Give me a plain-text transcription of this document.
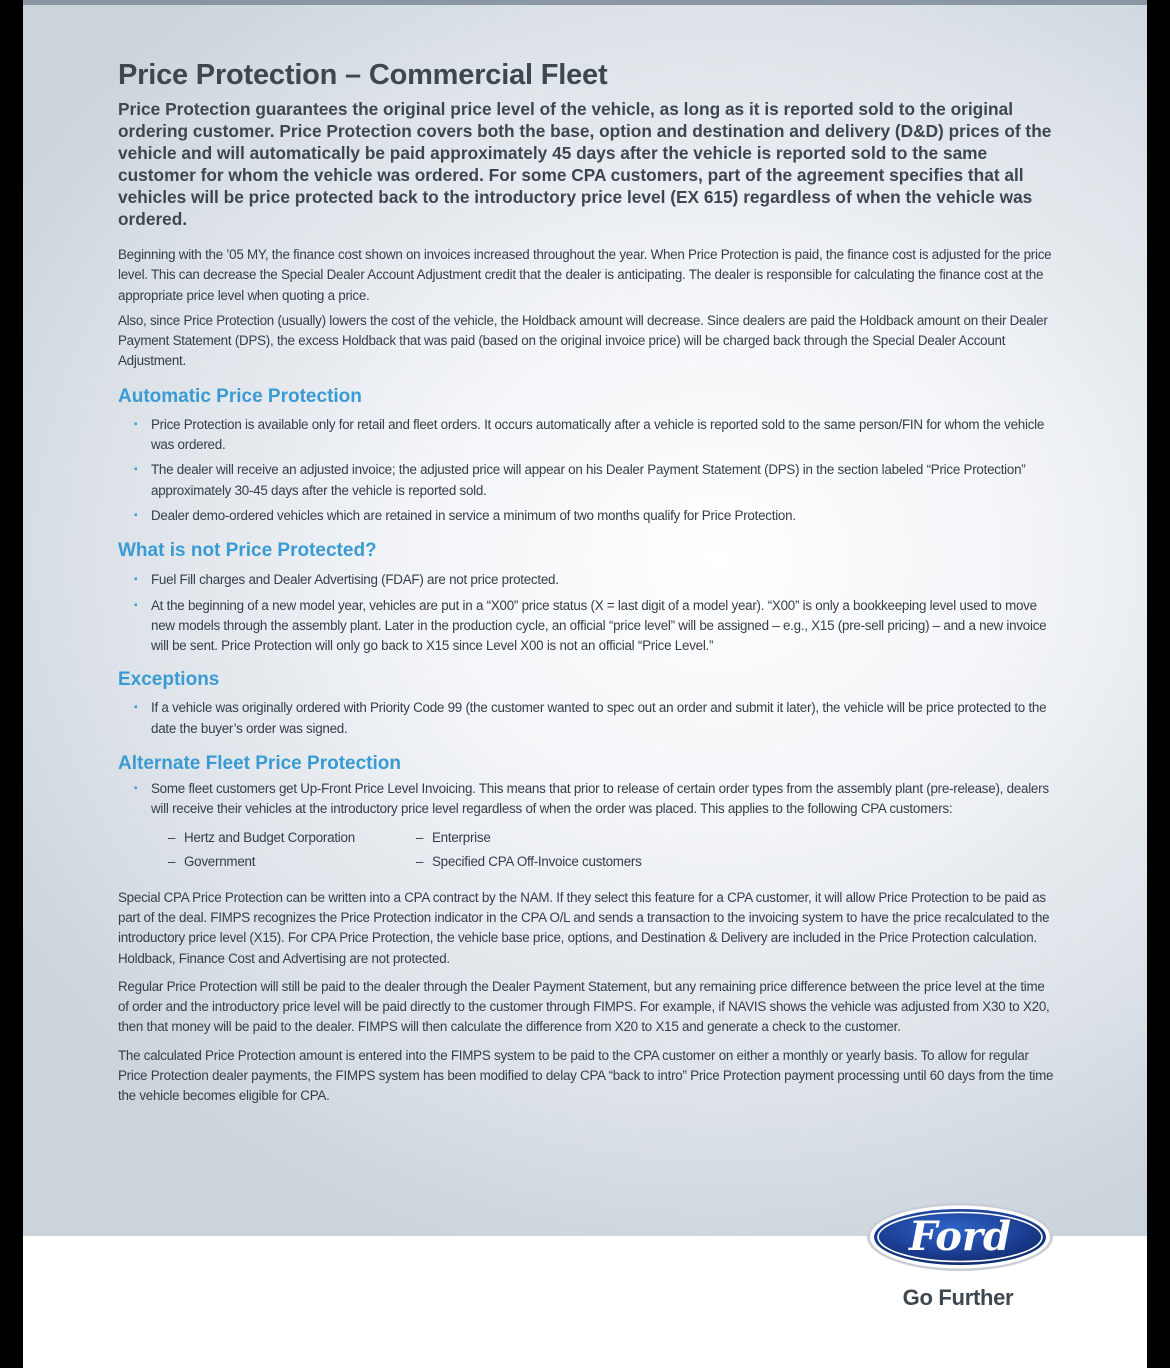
Price Protection – Commercial Fleet

Price Protection guarantees the original price level of the vehicle, as long as it is reported sold to the original ordering customer. Price Protection covers both the base, option and destination and delivery (D&D) prices of the vehicle and will automatically be paid approximately 45 days after the vehicle is reported sold to the same customer for whom the vehicle was ordered. For some CPA customers, part of the agreement specifies that all vehicles will be price protected back to the introductory price level (EX 615) regardless of when the vehicle was ordered.

Beginning with the ’05 MY, the finance cost shown on invoices increased throughout the year. When Price Protection is paid, the finance cost is adjusted for the price level. This can decrease the Special Dealer Account Adjustment credit that the dealer is anticipating. The dealer is responsible for calculating the finance cost at the appropriate price level when quoting a price.

Also, since Price Protection (usually) lowers the cost of the vehicle, the Holdback amount will decrease. Since dealers are paid the Holdback amount on their Dealer Payment Statement (DPS), the excess Holdback that was paid (based on the original invoice price) will be charged back through the Special Dealer Account Adjustment.

Automatic Price Protection
▪ Price Protection is available only for retail and fleet orders. It occurs automatically after a vehicle is reported sold to the same person/FIN for whom the vehicle was ordered.
▪ The dealer will receive an adjusted invoice; the adjusted price will appear on his Dealer Payment Statement (DPS) in the section labeled “Price Protection” approximately 30-45 days after the vehicle is reported sold.
▪ Dealer demo-ordered vehicles which are retained in service a minimum of two months qualify for Price Protection.
What is not Price Protected?
▪ Fuel Fill charges and Dealer Advertising (FDAF) are not price protected.
▪ At the beginning of a new model year, vehicles are put in a “X00” price status (X = last digit of a model year). “X00” is only a bookkeeping level used to move new models through the assembly plant. Later in the production cycle, an official “price level” will be assigned – e.g., X15 (pre-sell pricing) – and a new invoice will be sent. Price Protection will only go back to X15 since Level X00 is not an official “Price Level.”
Exceptions
▪ If a vehicle was originally ordered with Priority Code 99 (the customer wanted to spec out an order and submit it later), the vehicle will be price protected to the date the buyer’s order was signed.
Alternate Fleet Price Protection
▪ Some fleet customers get Up-Front Price Level Invoicing. This means that prior to release of certain order types from the assembly plant (pre-release), dealers will receive their vehicles at the introductory price level regardless of when the order was placed. This applies to the following CPA customers:
– Hertz and Budget Corporation
– Government
– Enterprise
– Specified CPA Off-Invoice customers

Special CPA Price Protection can be written into a CPA contract by the NAM. If they select this feature for a CPA customer, it will allow Price Protection to be paid as part of the deal. FIMPS recognizes the Price Protection indicator in the CPA O/L and sends a transaction to the invoicing system to have the price recalculated to the introductory price level (X15). For CPA Price Protection, the vehicle base price, options, and Destination & Delivery are included in the Price Protection calculation. Holdback, Finance Cost and Advertising are not protected.

Regular Price Protection will still be paid to the dealer through the Dealer Payment Statement, but any remaining price difference between the price level at the time of order and the introductory price level will be paid directly to the customer through FIMPS. For example, if NAVIS shows the vehicle was adjusted from X30 to X20, then that money will be paid to the dealer. FIMPS will then calculate the difference from X20 to X15 and generate a check to the customer.

The calculated Price Protection amount is entered into the FIMPS system to be paid to the CPA customer on either a monthly or yearly basis. To allow for regular Price Protection dealer payments, the FIMPS system has been modified to delay CPA “back to intro” Price Protection payment processing until 60 days from the time the vehicle becomes eligible for CPA.

Ford
Go Further
